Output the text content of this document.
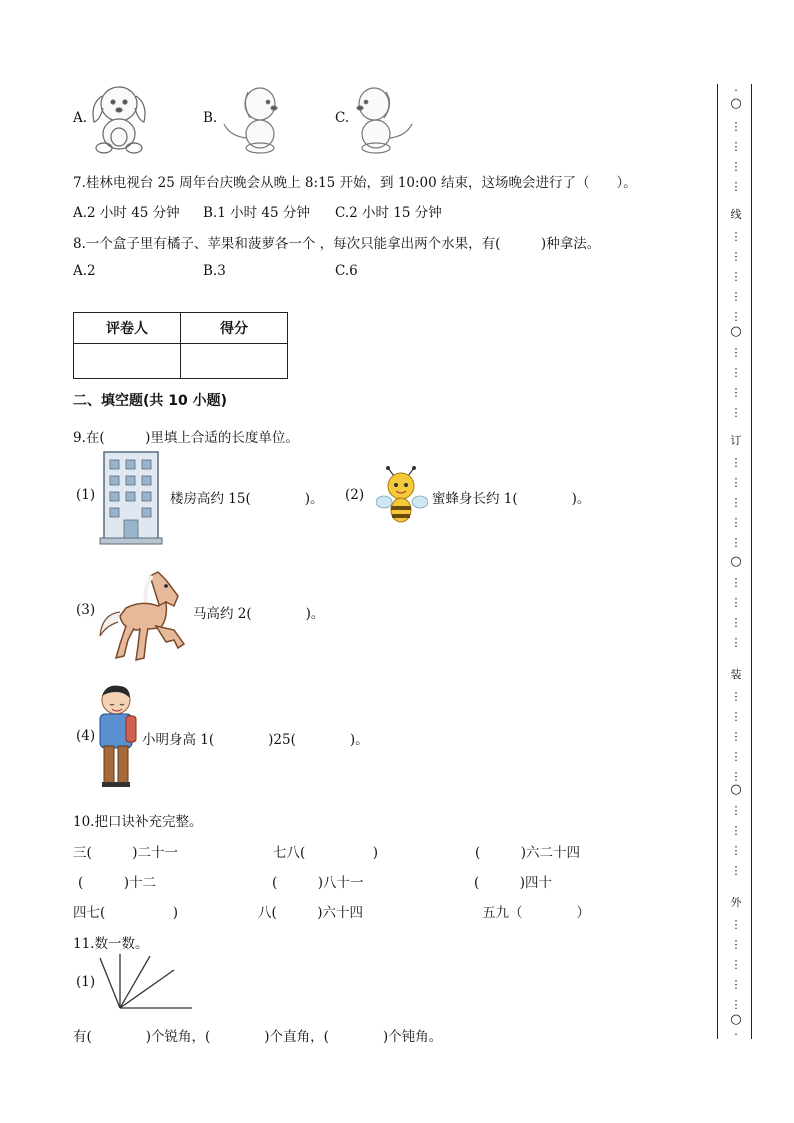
A.	B.	C.
7.桂林电视台 25 周年台庆晚会从晚上 8:15 开始，到 10:00 结束，这场晚会进行了（　　）。
A.2 小时 45 分钟 B.1 小时 45 分钟 C.2 小时 15 分钟
8.一个盒子里有橘子、苹果和菠萝各一个 ，每次只能拿出两个水果，有(　　　)种拿法。
A.2	B.3	C.6
评卷人	得分

二、填空题(共 10 小题)
9.在(　　　)里填上合适的长度单位。
(1)	楼房高约 15(　　　　)。 (2)	蜜蜂身长约 1(　　　　)。
(3)	马高约 2(　　　　)。
(4)	小明身高 1(　　　　)25(　　　　)。
10.把口诀补充完整。
三(　　　)二十一	七八(　　　　　)	(　　　)六二十四
(　　　)十二	(　　　)八十一	(　　　)四十
四七(　　　　　)	八(　　　)六十四	五九（　　　　）
11.数一数。
(1)
有(　　　　)个锐角，(　　　　)个直角，(　　　　)个钝角。
·
○
⋮
⋮
⋮
⋮
线
⋮
⋮
⋮
⋮
⋮
○
⋮
⋮
⋮
⋮
订
⋮
⋮
⋮
⋮
⋮
○
⋮
⋮
⋮
⋮
装
⋮
⋮
⋮
⋮
⋮
○
⋮
⋮
⋮
⋮
外
⋮
⋮
⋮
⋮
⋮
○
·
